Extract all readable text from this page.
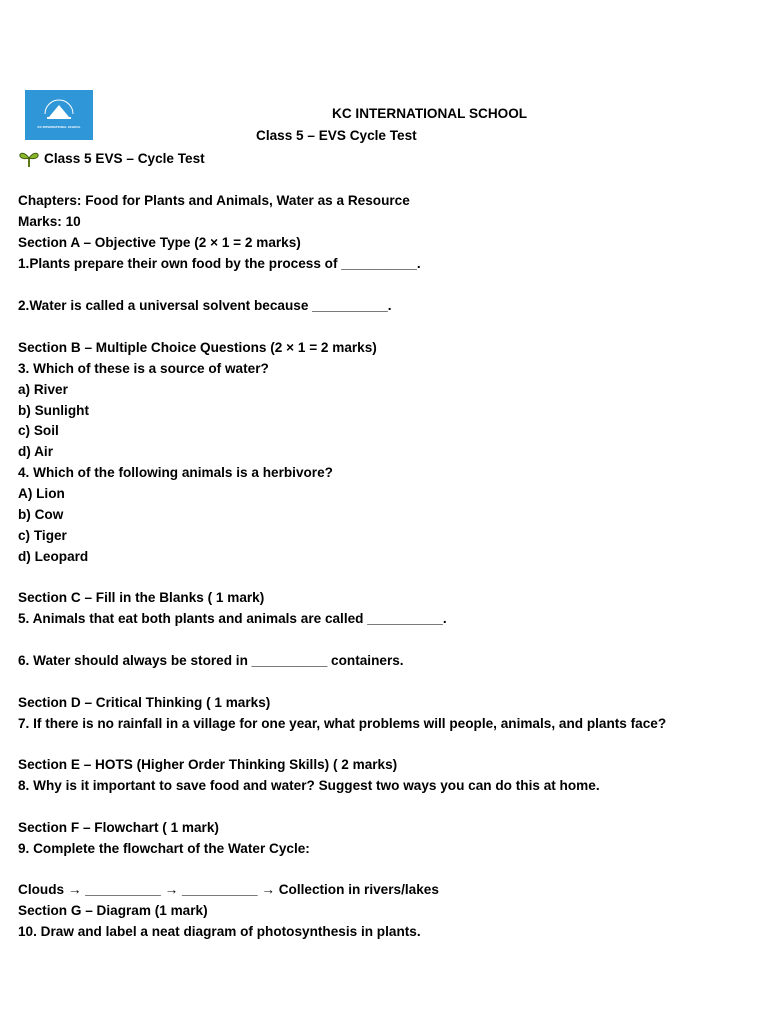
KC INTERNATIONAL SCHOOL
KC INTERNATIONAL SCHOOL
Class 5 – EVS Cycle Test
Class 5 EVS – Cycle Test
Chapters: Food for Plants and Animals, Water as a Resource
Marks: 10
Section A – Objective Type (2 × 1 = 2 marks)
1.Plants prepare their own food by the process of __________.
2.Water is called a universal solvent because __________.
Section B – Multiple Choice Questions (2 × 1 = 2 marks)
3. Which of these is a source of water?
a) River
b) Sunlight
c) Soil
d) Air
4. Which of the following animals is a herbivore?
A) Lion
b) Cow
c) Tiger
d) Leopard
Section C – Fill in the Blanks ( 1 mark)
5. Animals that eat both plants and animals are called __________.
6. Water should always be stored in __________ containers.
Section D – Critical Thinking ( 1 marks)
7. If there is no rainfall in a village for one year, what problems will people, animals, and plants face?
Section E – HOTS (Higher Order Thinking Skills) ( 2 marks)
8. Why is it important to save food and water? Suggest two ways you can do this at home.
Section F – Flowchart ( 1 mark)
9. Complete the flowchart of the Water Cycle:
Clouds → __________ → __________ → Collection in rivers/lakes
Section G – Diagram (1 mark)
10. Draw and label a neat diagram of photosynthesis in plants.
